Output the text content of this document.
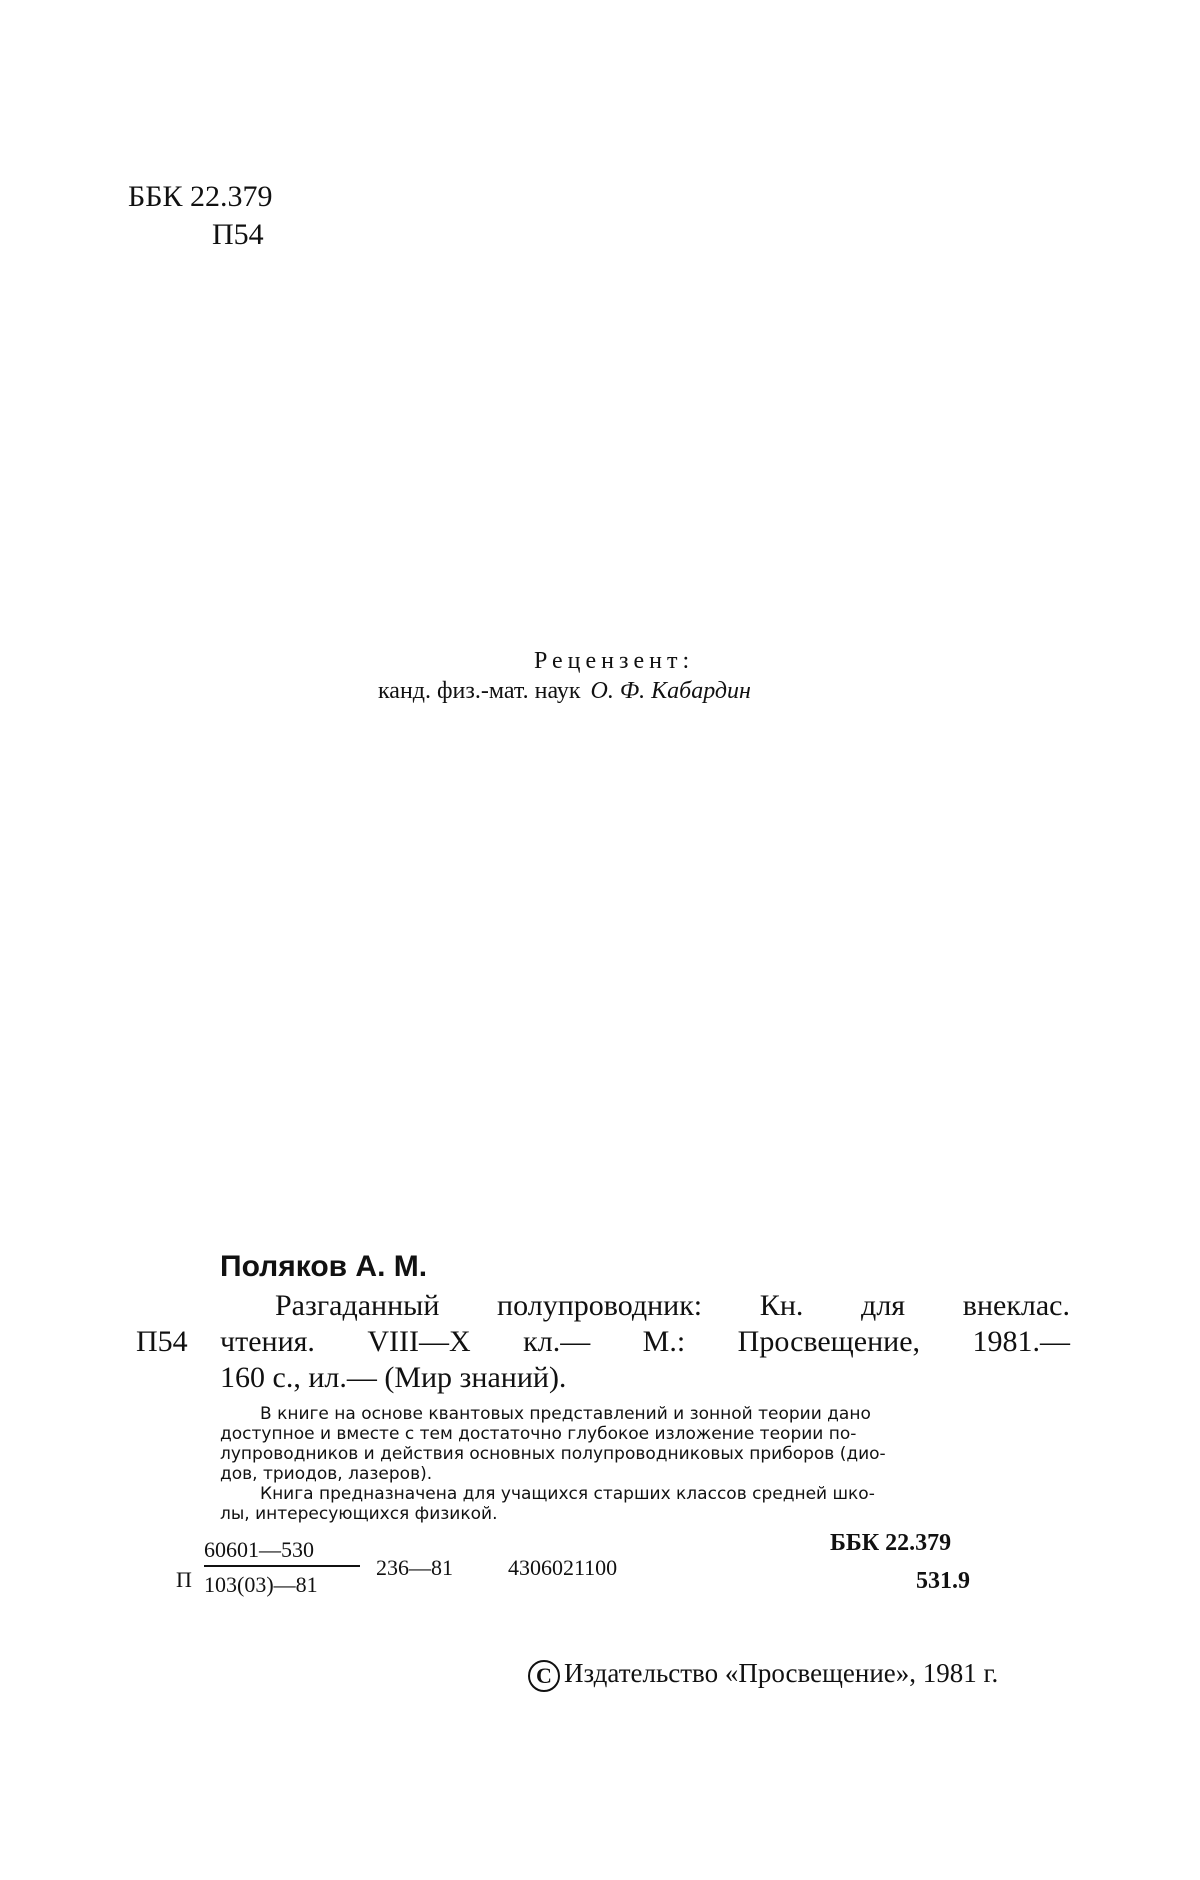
ББК 22.379
П54
Рецензент:
канд. физ.-мат. наук О. Ф. Кабардин
Поляков А. М.
Разгаданный полупроводник: Кн. для внеклас.
П54 чтения. VIII—X кл.— М.: Просвещение, 1981.—
160 с., ил.— (Мир знаний).
В книге на основе квантовых представлений и зонной теории дано
доступное и вместе с тем достаточно глубокое изложение теории по-
лупроводников и действия основных полупроводниковых приборов (дио-
дов, триодов, лазеров).
Книга предназначена для учащихся старших классов средней шко-
лы, интересующихся физикой.
П
60601—530
103(03)—81
236—81	4306021100
ББК 22.379
531.9
C Издательство «Просвещение», 1981 г.
